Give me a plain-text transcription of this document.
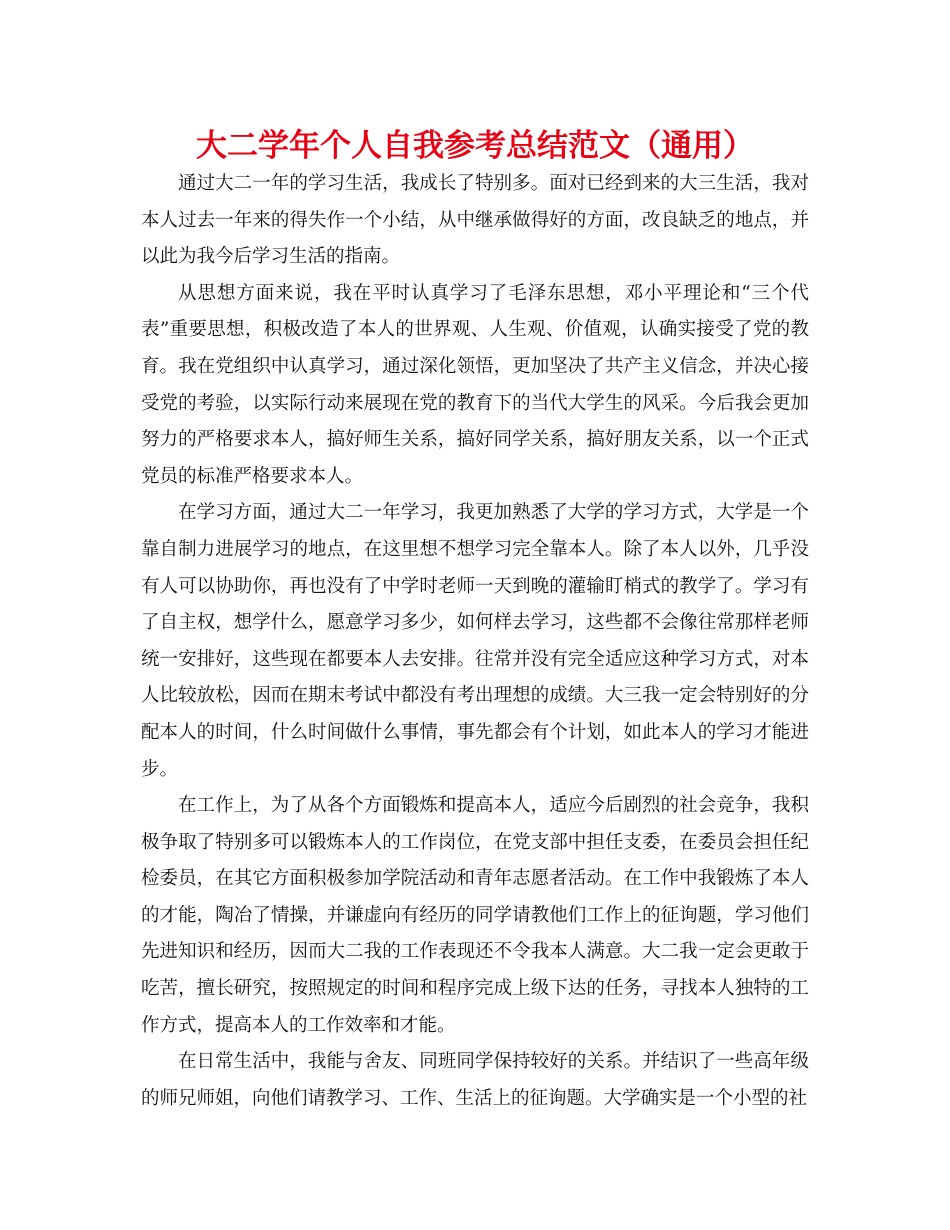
大二学年个人自我参考总结范文（通用）

通过大二一年的学习生活，我成长了特别多。面对已经到来的大三生活，我对本人过去一年来的得失作一个小结，从中继承做得好的方面，改良缺乏的地点，并以此为我今后学习生活的指南。

从思想方面来说，我在平时认真学习了毛泽东思想，邓小平理论和“三个代表”重要思想，积极改造了本人的世界观、人生观、价值观，认确实接受了党的教育。我在党组织中认真学习，通过深化领悟，更加坚决了共产主义信念，并决心接受党的考验，以实际行动来展现在党的教育下的当代大学生的风采。今后我会更加努力的严格要求本人，搞好师生关系，搞好同学关系，搞好朋友关系，以一个正式党员的标准严格要求本人。

在学习方面，通过大二一年学习，我更加熟悉了大学的学习方式，大学是一个靠自制力进展学习的地点，在这里想不想学习完全靠本人。除了本人以外，几乎没有人可以协助你，再也没有了中学时老师一天到晚的灌输盯梢式的教学了。学习有了自主权，想学什么，愿意学习多少，如何样去学习，这些都不会像往常那样老师统一安排好，这些现在都要本人去安排。往常并没有完全适应这种学习方式，对本人比较放松，因而在期末考试中都没有考出理想的成绩。大三我一定会特别好的分配本人的时间，什么时间做什么事情，事先都会有个计划，如此本人的学习才能进步。

在工作上，为了从各个方面锻炼和提高本人，适应今后剧烈的社会竞争，我积极争取了特别多可以锻炼本人的工作岗位，在党支部中担任支委，在委员会担任纪检委员，在其它方面积极参加学院活动和青年志愿者活动。在工作中我锻炼了本人的才能，陶冶了情操，并谦虚向有经历的同学请教他们工作上的征询题，学习他们先进知识和经历，因而大二我的工作表现还不令我本人满意。大二我一定会更敢于吃苦，擅长研究，按照规定的时间和程序完成上级下达的任务，寻找本人独特的工作方式，提高本人的工作效率和才能。

在日常生活中，我能与舍友、同班同学保持较好的关系。并结识了一些高年级的师兄师姐，向他们请教学习、工作、生活上的征询题。大学确实是一个小型的社
